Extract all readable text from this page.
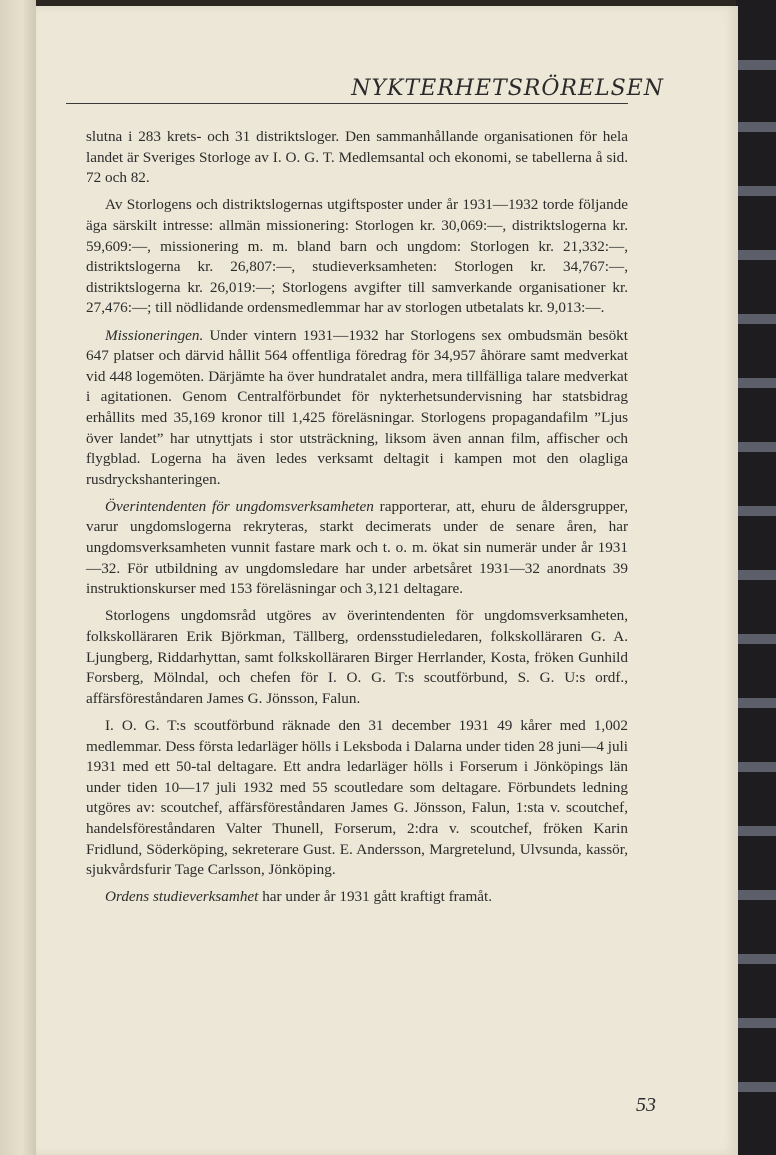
NYKTERHETSRÖRELSEN

slutna i 283 krets- och 31 distriktsloger. Den sammanhållande organisationen för hela landet är Sveriges Storloge av I. O. G. T. Medlemsantal och ekonomi, se tabellerna å sid. 72 och 82.

Av Storlogens och distriktslogernas utgiftsposter under år 1931—1932 torde följande äga särskilt intresse: allmän missionering: Storlogen kr. 30,069:—, distriktslogerna kr. 59,609:—, missionering m. m. bland barn och ungdom: Storlogen kr. 21,332:—, distriktslogerna kr. 26,807:—, studieverksamheten: Storlogen kr. 34,767:—, distriktslogerna kr. 26,019:—; Storlogens avgifter till samverkande organisationer kr. 27,476:—; till nödlidande ordensmedlemmar har av storlogen utbetalats kr. 9,013:—.

Missioneringen. Under vintern 1931—1932 har Storlogens sex ombudsmän besökt 647 platser och därvid hållit 564 offentliga föredrag för 34,957 åhörare samt medverkat vid 448 logemöten. Därjämte ha över hundratalet andra, mera tillfälliga talare medverkat i agitationen. Genom Centralförbundet för nykterhetsundervisning har statsbidrag erhållits med 35,169 kronor till 1,425 föreläsningar. Storlogens propagandafilm ”Ljus över landet” har utnyttjats i stor utsträckning, liksom även annan film, affischer och flygblad. Logerna ha även ledes verksamt deltagit i kampen mot den olagliga rusdryckshanteringen.

Överintendenten för ungdomsverksamheten rapporterar, att, ehuru de åldersgrupper, varur ungdomslogerna rekryteras, starkt decimerats under de senare åren, har ungdomsverksamheten vunnit fastare mark och t. o. m. ökat sin numerär under år 1931—32. För utbildning av ungdomsledare har under arbetsåret 1931—32 anordnats 39 instruktionskurser med 153 föreläsningar och 3,121 deltagare.

Storlogens ungdomsråd utgöres av överintendenten för ungdomsverksamheten, folkskolläraren Erik Björkman, Tällberg, ordensstudieledaren, folkskolläraren G. A. Ljungberg, Riddarhyttan, samt folkskolläraren Birger Herrlander, Kosta, fröken Gunhild Forsberg, Mölndal, och chefen för I. O. G. T:s scoutförbund, S. G. U:s ordf., affärsföreståndaren James G. Jönsson, Falun.

I. O. G. T:s scoutförbund räknade den 31 december 1931 49 kårer med 1,002 medlemmar. Dess första ledarläger hölls i Leksboda i Dalarna under tiden 28 juni—4 juli 1931 med ett 50-tal deltagare. Ett andra ledarläger hölls i Forserum i Jönköpings län under tiden 10—17 juli 1932 med 55 scoutledare som deltagare. Förbundets ledning utgöres av: scoutchef, affärsföreståndaren James G. Jönsson, Falun, 1:sta v. scoutchef, handelsföreståndaren Valter Thunell, Forserum, 2:dra v. scoutchef, fröken Karin Fridlund, Söderköping, sekreterare Gust. E. Andersson, Margretelund, Ulvsunda, kassör, sjukvårdsfurir Tage Carlsson, Jönköping.

Ordens studieverksamhet har under år 1931 gått kraftigt framåt.

53
